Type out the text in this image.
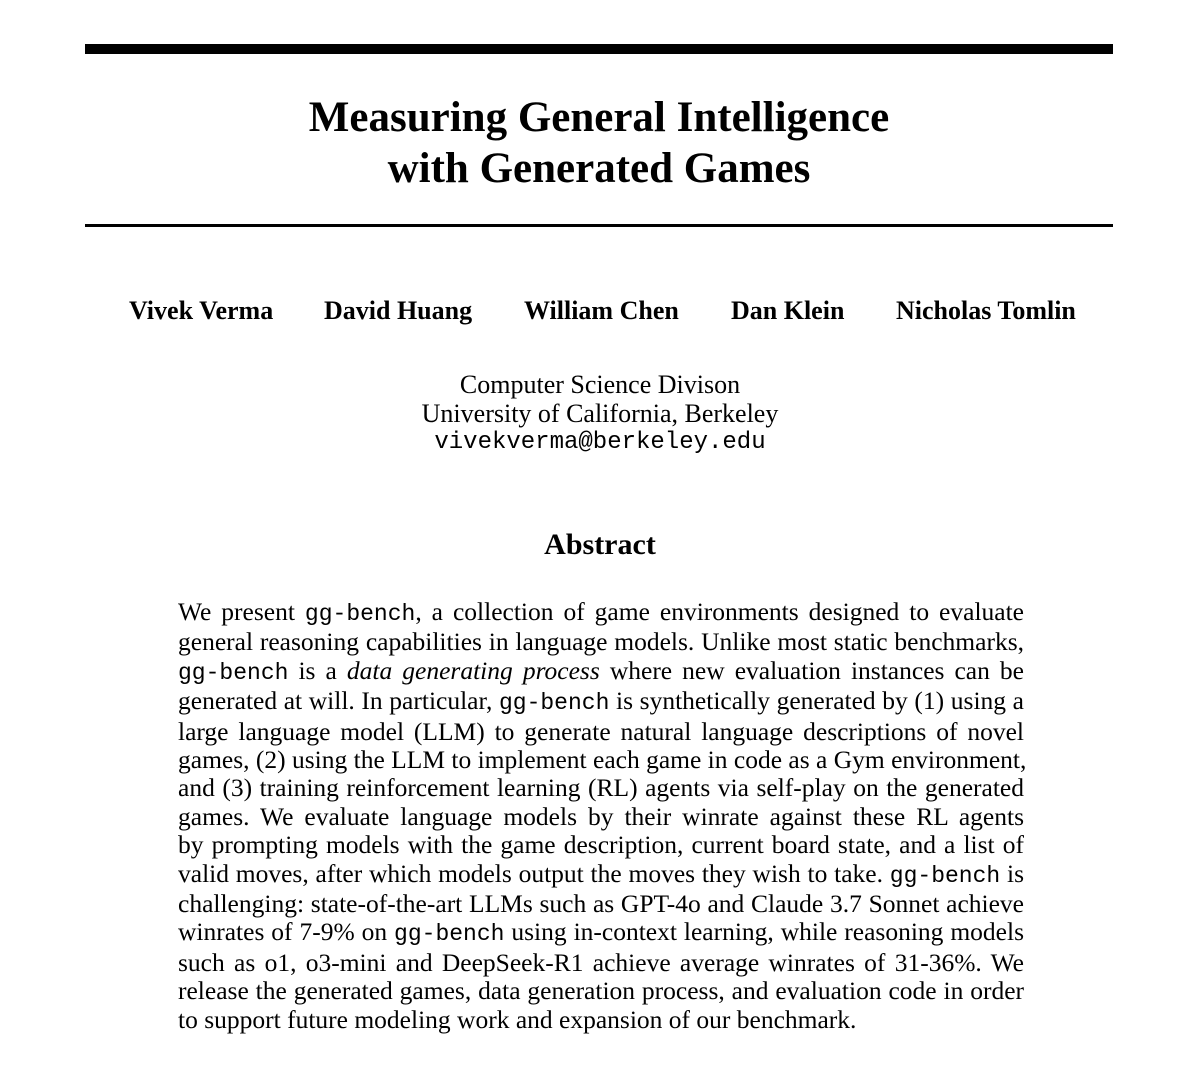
Measuring General Intelligence
with Generated Games
Vivek Verma David Huang William Chen Dan Klein Nicholas Tomlin
Computer Science Divison
University of California, Berkeley
vivekverma@berkeley.edu
Abstract
We present gg-bench, a collection of game environments designed to evaluate
general reasoning capabilities in language models. Unlike most static benchmarks,
gg-bench is a data generating process where new evaluation instances can be
generated at will. In particular, gg-bench is synthetically generated by (1) using a
large language model (LLM) to generate natural language descriptions of novel
games, (2) using the LLM to implement each game in code as a Gym environment,
and (3) training reinforcement learning (RL) agents via self-play on the generated
games. We evaluate language models by their winrate against these RL agents
by prompting models with the game description, current board state, and a list of
valid moves, after which models output the moves they wish to take. gg-bench is
challenging: state-of-the-art LLMs such as GPT-4o and Claude 3.7 Sonnet achieve
winrates of 7-9% on gg-bench using in-context learning, while reasoning models
such as o1, o3-mini and DeepSeek-R1 achieve average winrates of 31-36%. We
release the generated games, data generation process, and evaluation code in order
to support future modeling work and expansion of our benchmark.
